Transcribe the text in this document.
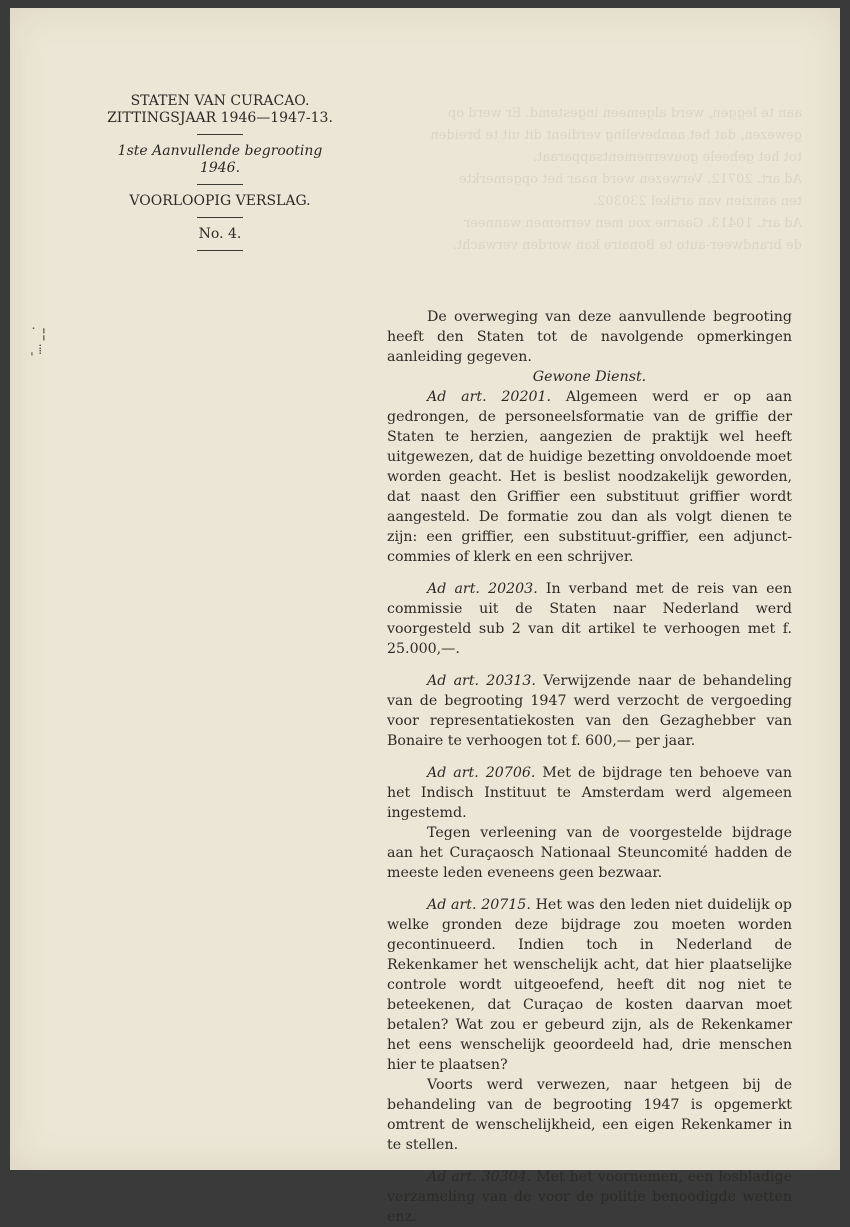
aan te leggen, werd algemeen ingestemd. Er werd op
gewezen, dat het aanbeveling verdient dit uit te breiden
tot het geheele gouvernementsapparaat.
Ad art. 20712. Verwezen werd naar het opgemerkte
ten aanzien van artikel 230302.
Ad art. 10413. Gaarne zou men vernemen wanneer
de brandweer-auto te Bonaire kan worden verwacht.
˙ ¦
ˌ ⁞
STATEN VAN CURACAO.
ZITTINGSJAAR 1946—1947-13.
1ste Aanvullende begrooting 1946.
VOORLOOPIG VERSLAG.
No. 4.

De overweging van deze aanvullende begrooting heeft den Staten tot de navolgende opmerkingen aanleiding gegeven.

Gewone Dienst.

Ad art. 20201. Algemeen werd er op aan gedrongen, de personeelsformatie van de griffie der Staten te herzien, aangezien de praktijk wel heeft uitgewezen, dat de huidige bezetting onvoldoende moet worden geacht. Het is beslist noodzakelijk geworden, dat naast den Griffier een substituut griffier wordt aangesteld. De formatie zou dan als volgt dienen te zijn: een griffier, een substituut-griffier, een adjunct-commies of klerk en een schrijver.

Ad art. 20203. In verband met de reis van een commissie uit de Staten naar Nederland werd voorgesteld sub 2 van dit artikel te verhoogen met f. 25.000,—.

Ad art. 20313. Verwijzende naar de behandeling van de begrooting 1947 werd verzocht de vergoeding voor representatiekosten van den Gezaghebber van Bonaire te verhoogen tot f. 600,— per jaar.

Ad art. 20706. Met de bijdrage ten behoeve van het Indisch Instituut te Amsterdam werd algemeen ingestemd.

Tegen verleening van de voorgestelde bijdrage aan het Curaçaosch Nationaal Steuncomité hadden de meeste leden eveneens geen bezwaar.

Ad art. 20715. Het was den leden niet duidelijk op welke gronden deze bijdrage zou moeten worden gecontinueerd. Indien toch in Nederland de Rekenkamer het wenschelijk acht, dat hier plaatselijke controle wordt uitgeoefend, heeft dit nog niet te beteekenen, dat Curaçao de kosten daarvan moet betalen? Wat zou er gebeurd zijn, als de Rekenkamer het eens wenschelijk geoordeeld had, drie menschen hier te plaatsen?

Voorts werd verwezen, naar hetgeen bij de behandeling van de begrooting 1947 is opgemerkt omtrent de wenschelijkheid, een eigen Rekenkamer in te stellen.

Ad art. 30304. Met het voornemen, een losbladige verzameling van de voor de politie benoodigde wetten enz.
